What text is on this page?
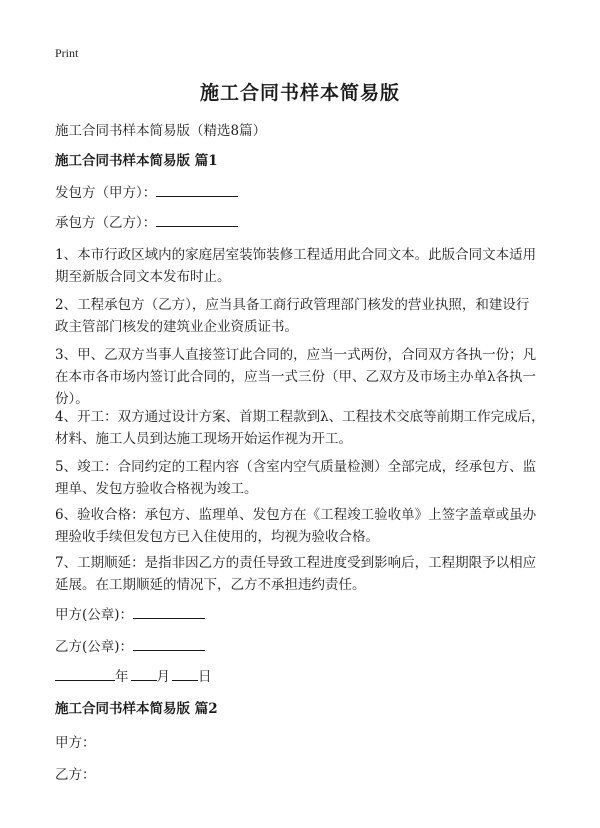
Print
施工合同书样本简易版
施工合同书样本简易版（精选8篇）
施工合同书样本简易版 篇1
发包方（甲方）：
承包方（乙方）：
1、本市行政区域内的家庭居室装饰装修工程适用此合同文本。此版合同文本适用
期至新版合同文本发布时止。
2、工程承包方（乙方），应当具备工商行政管理部门核发的营业执照，和建设行
政主管部门核发的建筑业企业资质证书。
3、甲、乙双方当事人直接签订此合同的，应当一式两份，合同双方各执一份；凡
在本市各市场内签订此合同的，应当一式三份（甲、乙双方及市场主办单λ各执一
份）。
4、开工：双方通过设计方案、首期工程款到λ、工程技术交底等前期工作完成后，
材料、施工人员到达施工现场开始运作视为开工。
5、竣工：合同约定的工程内容（含室内空气质量检测）全部完成，经承包方、监
理单、发包方验收合格视为竣工。
6、验收合格：承包方、监理单、发包方在《工程竣工验收单》上签字盖章或虽办
理验收手续但发包方已入住使用的，均视为验收合格。
7、工期顺延：是指非因乙方的责任导致工程进度受到影响后，工程期限予以相应
延展。在工期顺延的情况下，乙方不承担违约责任。
甲方(公章)：
乙方(公章)：
年 月 日
施工合同书样本简易版 篇2
甲方：
乙方：
